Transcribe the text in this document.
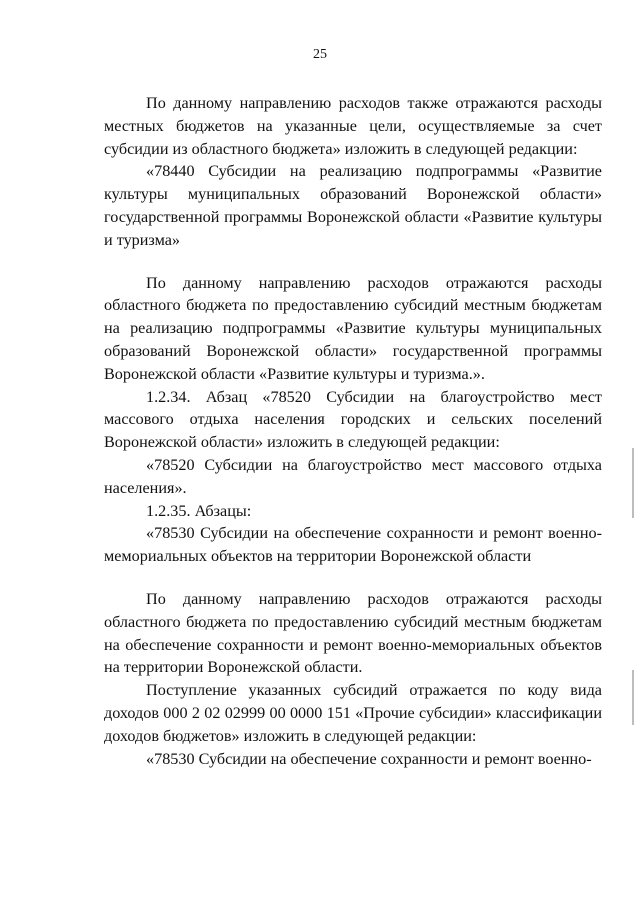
25

По данному направлению расходов также отражаются расходы местных бюджетов на указанные цели, осуществляемые за счет субсидии из областного бюджета» изложить в следующей редакции:

«78440 Субсидии на реализацию подпрограммы «Развитие культуры муниципальных образований Воронежской области» государственной программы Воронежской области «Развитие культуры и туризма»

По данному направлению расходов отражаются расходы областного бюджета по предоставлению субсидий местным бюджетам на реализацию подпрограммы «Развитие культуры муниципальных образований Воронежской области» государственной программы Воронежской области «Развитие культуры и туризма.».

1.2.34. Абзац «78520 Субсидии на благоустройство мест массового отдыха населения городских и сельских поселений Воронежской области» изложить в следующей редакции:

«78520 Субсидии на благоустройство мест массового отдыха населения».

1.2.35. Абзацы:

«78530 Субсидии на обеспечение сохранности и ремонт военно-мемориальных объектов на территории Воронежской области

По данному направлению расходов отражаются расходы областного бюджета по предоставлению субсидий местным бюджетам на обеспечение сохранности и ремонт военно-мемориальных объектов на территории Воронежской области.

Поступление указанных субсидий отражается по коду вида доходов 000 2 02 02999 00 0000 151 «Прочие субсидии» классификации доходов бюджетов» изложить в следующей редакции:

«78530 Субсидии на обеспечение сохранности и ремонт военно-
